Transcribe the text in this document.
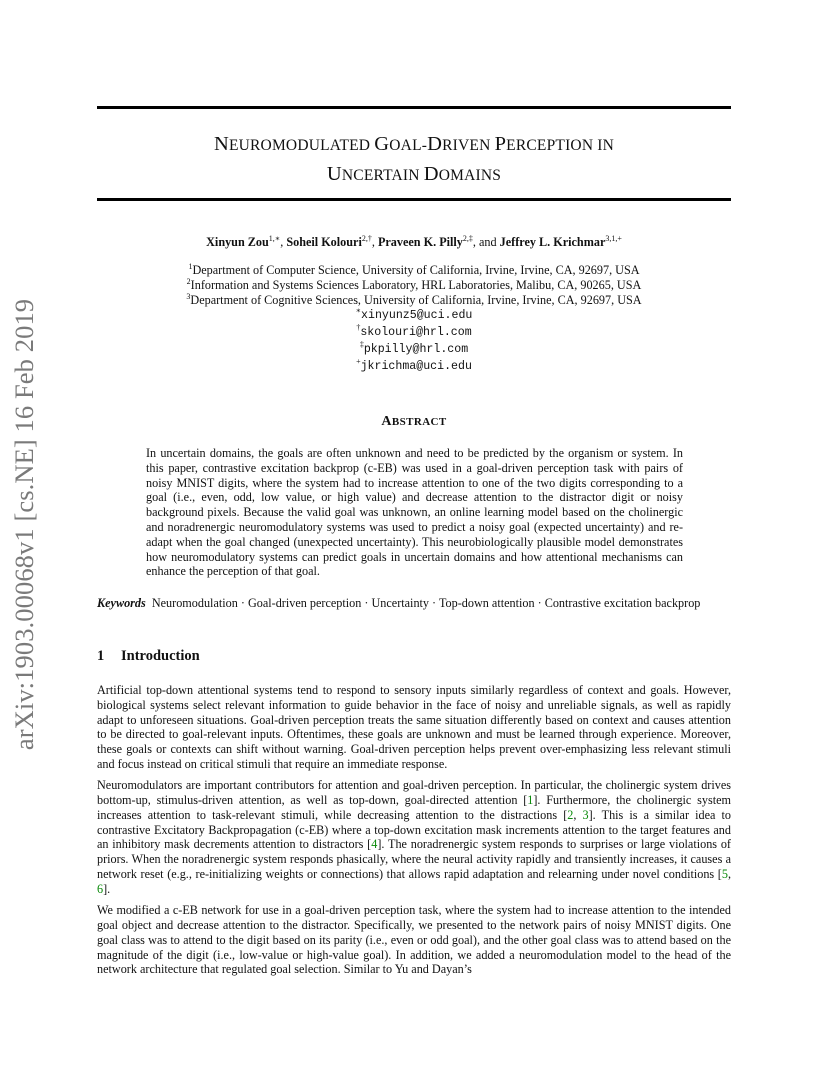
arXiv:1903.00068v1 [cs.NE] 16 Feb 2019
NEUROMODULATED GOAL-DRIVEN PERCEPTION IN
UNCERTAIN DOMAINS
Xinyun Zou$^{1,∗}$, Soheil Kolouri$^{2,\dagger}$, Praveen K. Pilly$^{2,\ddagger}$, and Jeffrey L. Krichmar$^{3,1,+}$
$^1$Department of Computer Science, University of California, Irvine, Irvine, CA, 92697, USA
$^2$Information and Systems Sciences Laboratory, HRL Laboratories, Malibu, CA, 90265, USA
$^3$Department of Cognitive Sciences, University of California, Irvine, Irvine, CA, 92697, USA
∗xinyunz5@uci.edu
†skolouri@hrl.com
‡pkpilly@hrl.com
+jkrichma@uci.edu
ABSTRACT
In uncertain domains, the goals are often unknown and need to be predicted by the organism or system. In this paper, contrastive excitation backprop (c-EB) was used in a goal-driven perception task with pairs of noisy MNIST digits, where the system had to increase attention to one of the two digits corresponding to a goal (i.e., even, odd, low value, or high value) and decrease attention to the distractor digit or noisy background pixels. Because the valid goal was unknown, an online learning model based on the cholinergic and noradrenergic neuromodulatory systems was used to predict a noisy goal (expected uncertainty) and re-adapt when the goal changed (unexpected uncertainty). This neurobiologically plausible model demonstrates how neuromodulatory systems can predict goals in uncertain domains and how attentional mechanisms can enhance the perception of that goal.
Keywords Neuromodulation · Goal-driven perception · Uncertainty · Top-down attention · Contrastive excitation backprop
1 Introduction

Artificial top-down attentional systems tend to respond to sensory inputs similarly regardless of context and goals. However, biological systems select relevant information to guide behavior in the face of noisy and unreliable signals, as well as rapidly adapt to unforeseen situations. Goal-driven perception treats the same situation differently based on context and causes attention to be directed to goal-relevant inputs. Oftentimes, these goals are unknown and must be learned through experience. Moreover, these goals or contexts can shift without warning. Goal-driven perception helps prevent over-emphasizing less relevant stimuli and focus instead on critical stimuli that require an immediate response.

Neuromodulators are important contributors for attention and goal-driven perception. In particular, the cholinergic system drives bottom-up, stimulus-driven attention, as well as top-down, goal-directed attention [1]. Furthermore, the cholinergic system increases attention to task-relevant stimuli, while decreasing attention to the distractions [2, 3]. This is a similar idea to contrastive Excitatory Backpropagation (c-EB) where a top-down excitation mask increments attention to the target features and an inhibitory mask decrements attention to distractors [4]. The noradrenergic system responds to surprises or large violations of priors. When the noradrenergic system responds phasically, where the neural activity rapidly and transiently increases, it causes a network reset (e.g., re-initializing weights or connections) that allows rapid adaptation and relearning under novel conditions [5, 6].

We modified a c-EB network for use in a goal-driven perception task, where the system had to increase attention to the intended goal object and decrease attention to the distractor. Specifically, we presented to the network pairs of noisy MNIST digits. One goal class was to attend to the digit based on its parity (i.e., even or odd goal), and the other goal class was to attend based on the magnitude of the digit (i.e., low-value or high-value goal). In addition, we added a neuromodulation model to the head of the network architecture that regulated goal selection. Similar to Yu and Dayan’s
